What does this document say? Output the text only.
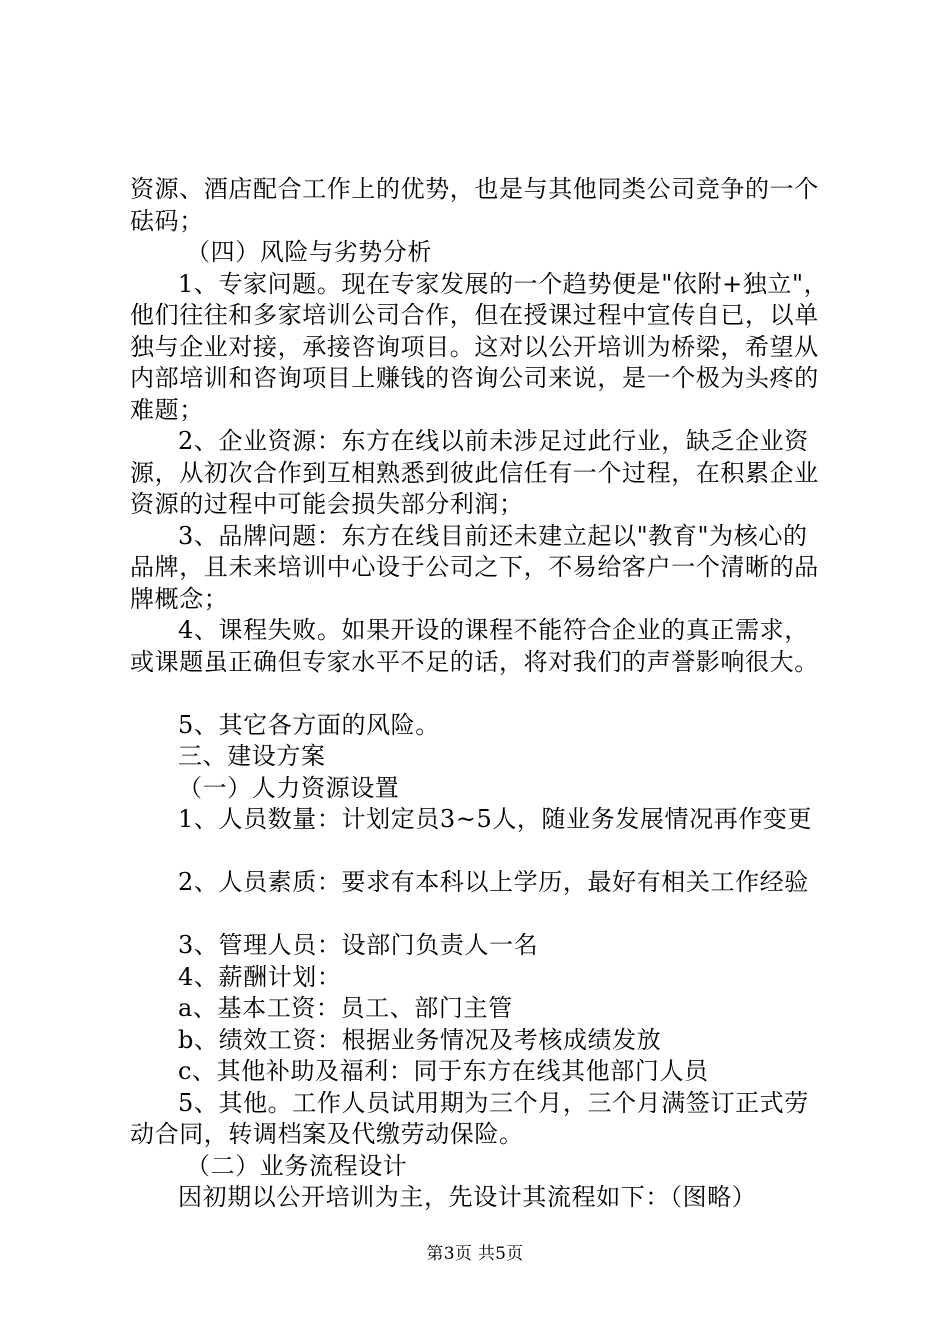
资源、酒店配合工作上的优势，也是与其他同类公司竞争的一个砝码；

（四）风险与劣势分析

1、专家问题。现在专家发展的一个趋势便是"依附+独立"，他们往往和多家培训公司合作，但在授课过程中宣传自已，以单独与企业对接，承接咨询项目。这对以公开培训为桥梁，希望从内部培训和咨询项目上赚钱的咨询公司来说，是一个极为头疼的难题；

2、企业资源：东方在线以前未涉足过此行业，缺乏企业资源，从初次合作到互相熟悉到彼此信任有一个过程，在积累企业资源的过程中可能会损失部分利润；

3、品牌问题：东方在线目前还未建立起以"教育"为核心的品牌，且未来培训中心设于公司之下，不易给客户一个清晰的品牌概念；

4、课程失败。如果开设的课程不能符合企业的真正需求，或课题虽正确但专家水平不足的话，将对我们的声誉影响很大。

5、其它各方面的风险。

三、建设方案

（一）人力资源设置

1、人员数量：计划定员3~5人，随业务发展情况再作变更

2、人员素质：要求有本科以上学历，最好有相关工作经验

3、管理人员：设部门负责人一名

4、薪酬计划：

a、基本工资：员工、部门主管

b、绩效工资：根据业务情况及考核成绩发放

c、其他补助及福利：同于东方在线其他部门人员

5、其他。工作人员试用期为三个月，三个月满签订正式劳动合同，转调档案及代缴劳动保险。

（二）业务流程设计

因初期以公开培训为主，先设计其流程如下：（图略）

第3页 共5页
